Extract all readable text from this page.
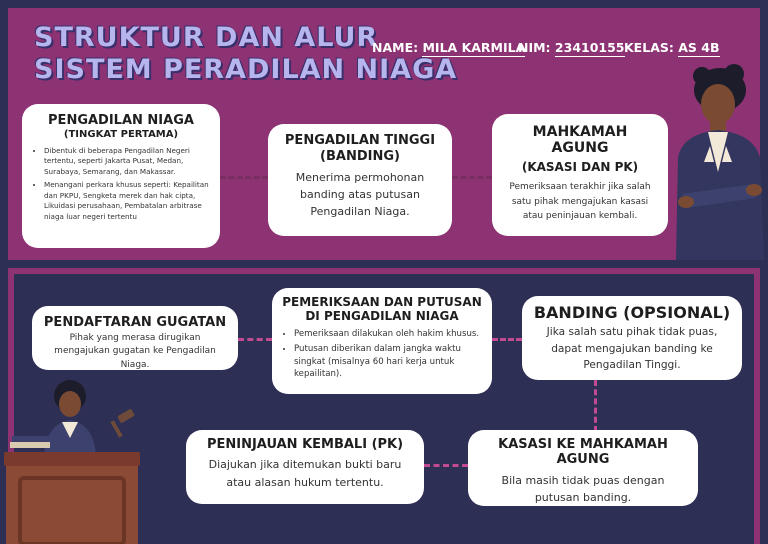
STRUKTUR DAN ALUR
SISTEM PERADILAN NIAGA
NAME: MILA KARMILA
NIM: 23410155 KELAS: AS 4B
PENGADILAN NIAGA
(TINGKAT PERTAMA)
• Dibentuk di beberapa Pengadilan Negeri tertentu, seperti Jakarta Pusat, Medan, Surabaya, Semarang, dan Makassar.
• Menangani perkara khusus seperti: Kepailitan dan PKPU, Sengketa merek dan hak cipta, Likuidasi perusahaan, Pembatalan arbitrase niaga luar negeri tertentu
PENGADILAN TINGGI
(BANDING)
Menerima permohonan banding atas putusan Pengadilan Niaga.
MAHKAMAH AGUNG
(KASASI DAN PK)
Pemeriksaan terakhir jika salah satu pihak mengajukan kasasi atau peninjauan kembali.
PENDAFTARAN GUGATAN
Pihak yang merasa dirugikan mengajukan gugatan ke Pengadilan Niaga.
PEMERIKSAAN DAN PUTUSAN DI PENGADILAN NIAGA
• Pemeriksaan dilakukan oleh hakim khusus.
• Putusan diberikan dalam jangka waktu singkat (misalnya 60 hari kerja untuk kepailitan).
BANDING (OPSIONAL)
Jika salah satu pihak tidak puas, dapat mengajukan banding ke Pengadilan Tinggi.
KASASI KE MAHKAMAH AGUNG
Bila masih tidak puas dengan putusan banding.
PENINJAUAN KEMBALI (PK)
Diajukan jika ditemukan bukti baru atau alasan hukum tertentu.
